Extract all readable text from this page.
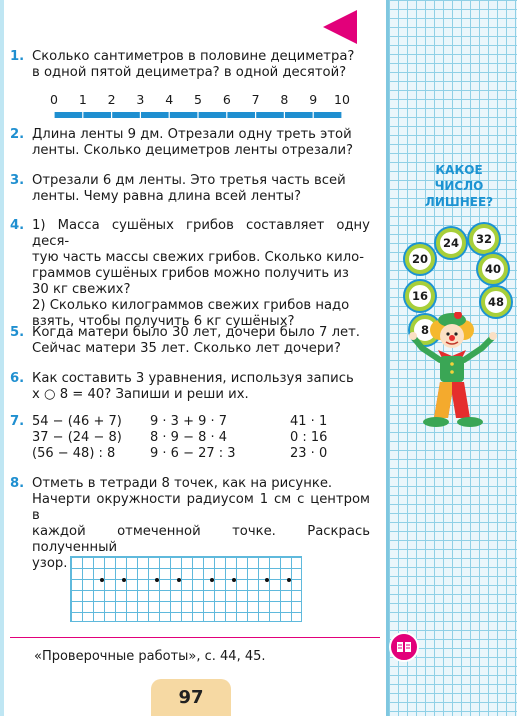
1. Сколько сантиметров в половине дециметра?

в одной пятой дециметра? в одной десятой?

0 1 2 3 4 5 6 7 8 9 10
2. Длина ленты 9 дм. Отрезали одну треть этой

ленты. Сколько дециметров ленты отрезали?

3. Отрезали 6 дм ленты. Это третья часть всей

ленты. Чему равна длина всей ленты?

4. 1) Масса сушёных грибов составляет одну деся-

тую часть массы свежих грибов. Сколько кило-

граммов сушёных грибов можно получить из

30 кг свежих?

2) Сколько килограммов свежих грибов надо

взять, чтобы получить 6 кг сушёных?

5. Когда матери было 30 лет, дочери было 7 лет.

Сейчас матери 35 лет. Сколько лет дочери?

6. Как составить 3 уравнения, используя запись

x ○ 8 = 40? Запиши и реши их.

7. 54 − (46 + 7)
37 − (24 − 8)
(56 − 48) : 8
9 · 3 + 9 · 7
8 · 9 − 8 · 4
9 · 6 − 27 : 3
41 · 1
0 : 16
23 · 0
8. Отметь в тетради 8 точек, как на рисунке.

Начерти окружности радиусом 1 см с центром в

каждой отмеченной точке. Раскрась полученный

узор.

«Проверочные работы», с. 44, 45.
97
КАКОЕ
ЧИСЛО
ЛИШНЕЕ?
24	32
20
40
16	48
8
